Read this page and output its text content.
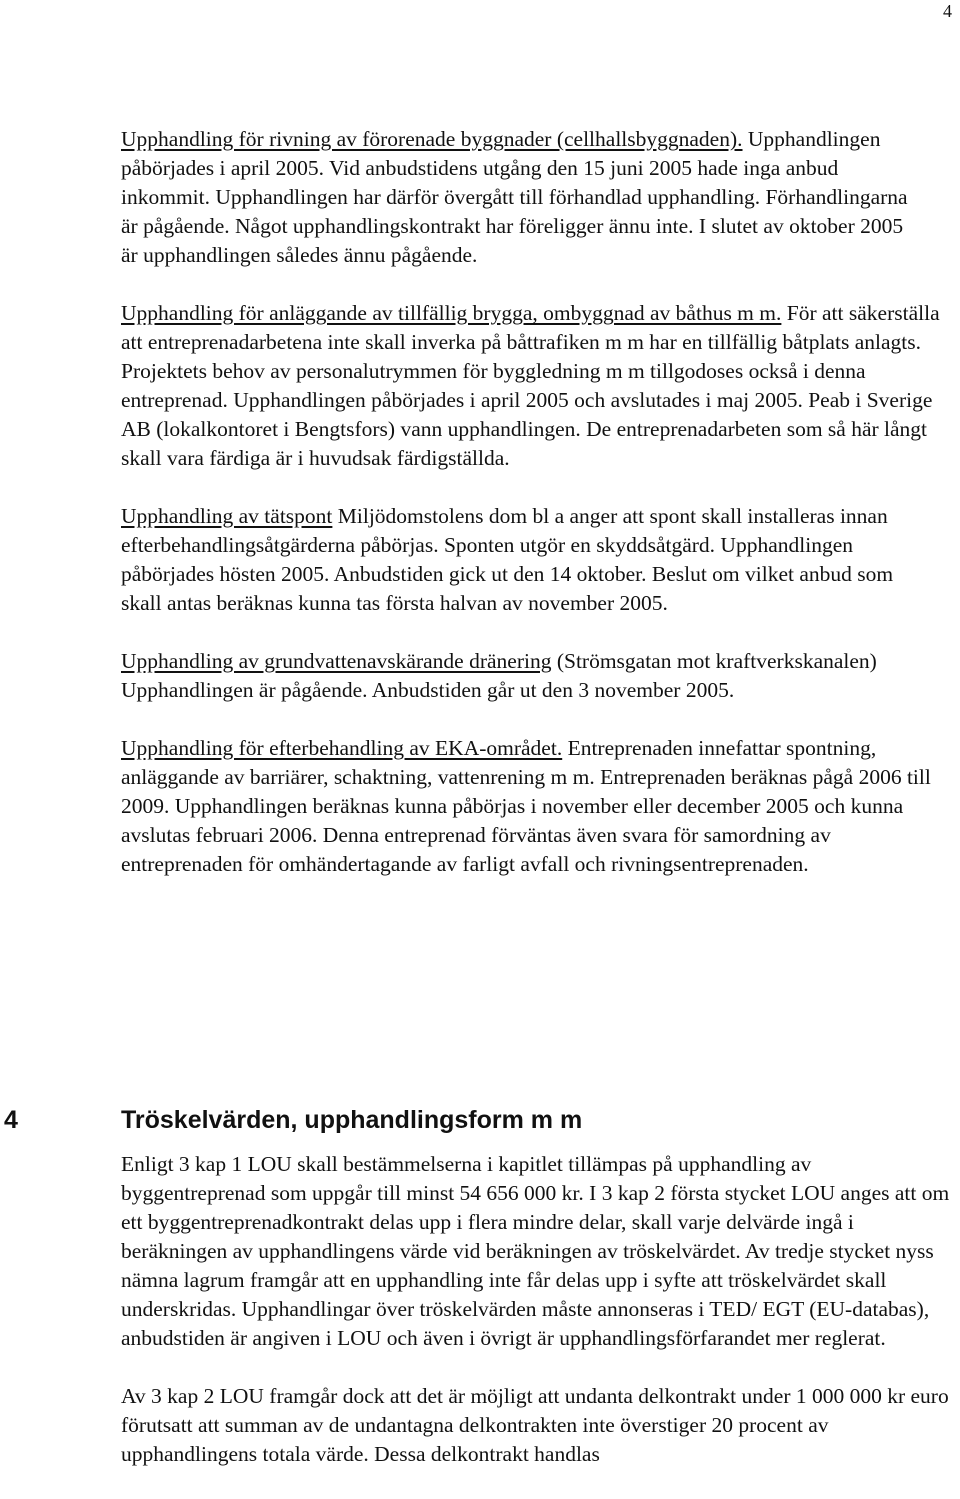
4

Upphandling för rivning av förorenade byggnader (cellhallsbyggnaden). Upphandlingen påbörjades i april 2005. Vid anbudstidens utgång den 15 juni 2005 hade inga anbud inkommit. Upphandlingen har därför övergått till förhandlad upphandling. Förhandlingarna är pågående. Något upphandlingskontrakt har föreligger ännu inte. I slutet av oktober 2005 är upphandlingen således ännu pågående.

Upphandling för anläggande av tillfällig brygga, ombyggnad av båthus m m. För att säkerställa att entreprenadarbetena inte skall inverka på båttrafiken m m har en tillfällig båtplats anlagts. Projektets behov av personalutrymmen för byggledning m m tillgodoses också i denna entreprenad. Upphandlingen påbörjades i april 2005 och avslutades i maj 2005. Peab i Sverige AB (lokalkontoret i Bengtsfors) vann upphandlingen. De entreprenadarbeten som så här långt skall vara färdiga är i huvudsak färdigställda.

Upphandling av tätspont Miljödomstolens dom bl a anger att spont skall installeras innan efterbehandlingsåtgärderna påbörjas. Sponten utgör en skyddsåtgärd. Upphandlingen påbörjades hösten 2005. Anbudstiden gick ut den 14 oktober. Beslut om vilket anbud som skall antas beräknas kunna tas första halvan av november 2005.

Upphandling av grundvattenavskärande dränering (Strömsgatan mot kraftverkskanalen) Upphandlingen är pågående. Anbudstiden går ut den 3 november 2005.

Upphandling för efterbehandling av EKA-området. Entreprenaden innefattar spontning, anläggande av barriärer, schaktning, vattenrening m m. Entreprenaden beräknas pågå 2006 till 2009. Upphandlingen beräknas kunna påbörjas i november eller december 2005 och kunna avslutas februari 2006. Denna entreprenad förväntas även svara för samordning av entreprenaden för omhändertagande av farligt avfall och rivningsentreprenaden.

4	Tröskelvärden, upphandlingsform m m

Enligt 3 kap 1 LOU skall bestämmelserna i kapitlet tillämpas på upphandling av byggentreprenad som uppgår till minst 54 656 000 kr. I 3 kap 2 första stycket LOU anges att om ett byggentreprenadkontrakt delas upp i flera mindre delar, skall varje delvärde ingå i beräkningen av upphandlingens värde vid beräkningen av tröskelvärdet. Av tredje stycket nyss nämna lagrum framgår att en upphandling inte får delas upp i syfte att tröskelvärdet skall underskridas. Upphandlingar över tröskelvärden måste annonseras i TED/ EGT (EU-databas), anbudstiden är angiven i LOU och även i övrigt är upphandlingsförfarandet mer reglerat.

Av 3 kap 2 LOU framgår dock att det är möjligt att undanta delkontrakt under 1 000 000 kr euro förutsatt att summan av de undantagna delkontrakten inte överstiger 20 procent av upphandlingens totala värde. Dessa delkontrakt handlas
